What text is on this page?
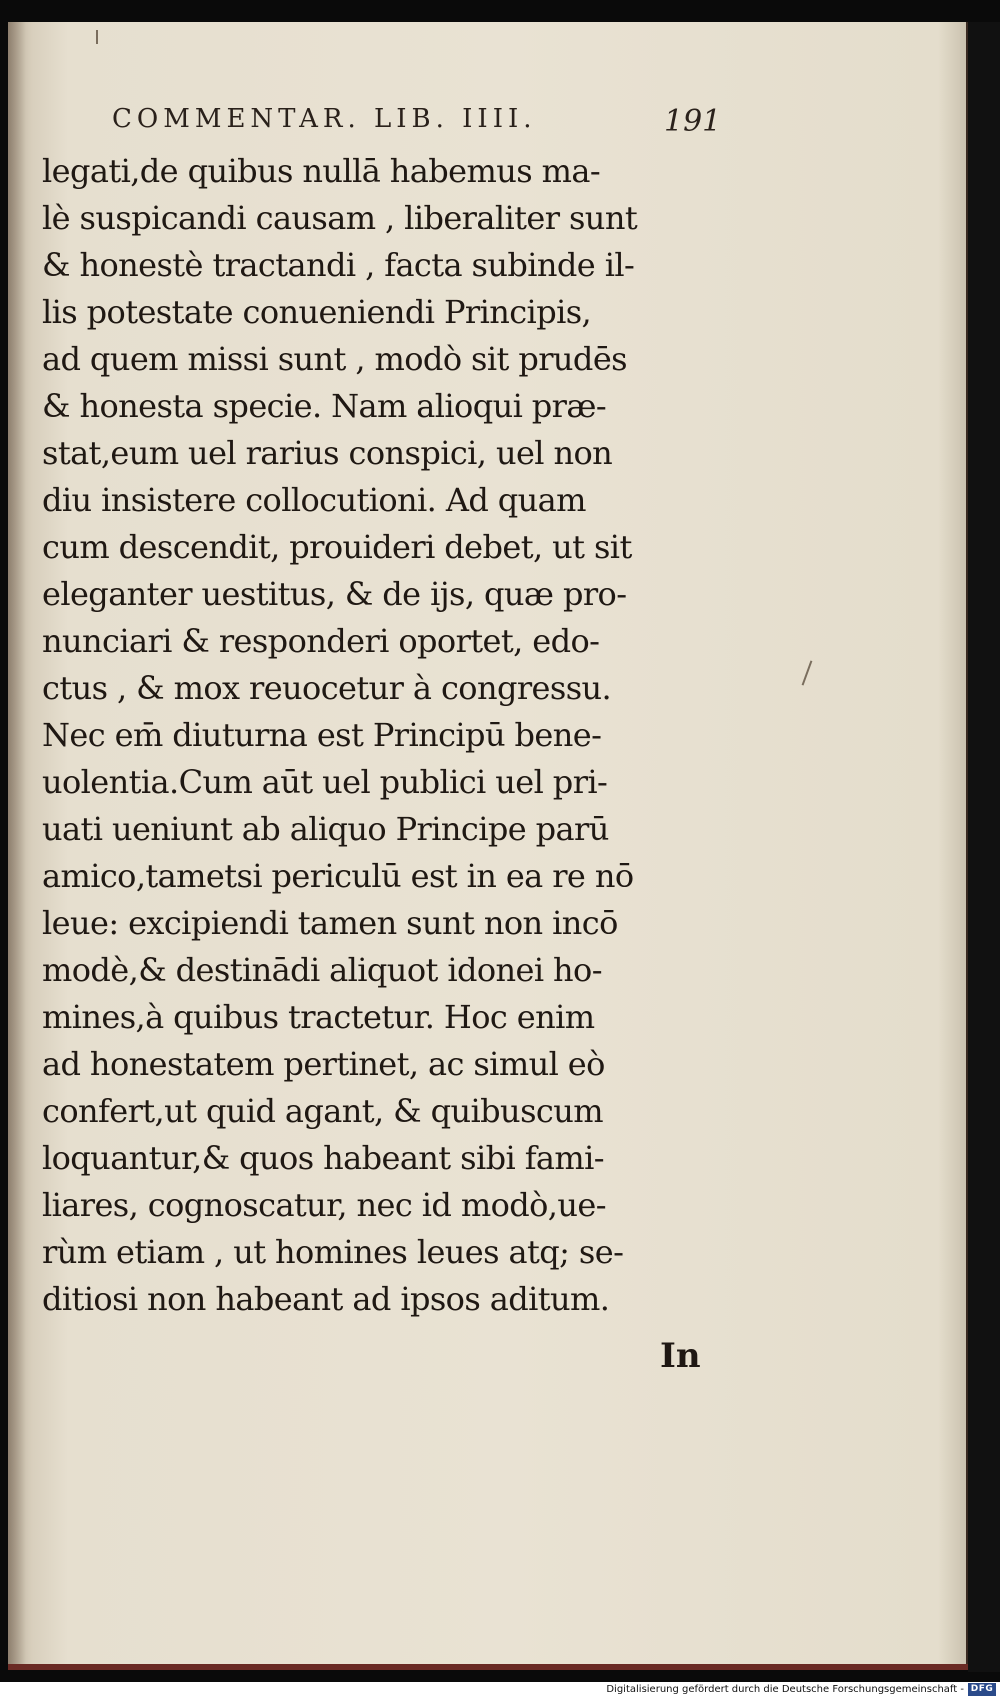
COMMENTAR. LIB. IIII.	191
legati,de quibus nullā habemus ma-
lè suspicandi causam , liberaliter sunt
& honestè tractandi , facta subinde il-
lis potestate conueniendi Principis,
ad quem missi sunt , modò sit prudēs
& honesta specie. Nam alioqui præ-
stat,eum uel rarius conspici, uel non
diu insistere collocutioni. Ad quam
cum descendit, prouideri debet, ut sit
eleganter uestitus, & de ijs, quæ pro-
nunciari & responderi oportet, edo-
ctus , & mox reuocetur à congressu.
Nec em̄ diuturna est Principū bene-
uolentia.Cum aūt uel publici uel pri-
uati ueniunt ab aliquo Principe parū
amico,tametsi periculū est in ea re nō
leue: excipiendi tamen sunt non incō
modè,& destinādi aliquot idonei ho-
mines,à quibus tractetur. Hoc enim
ad honestatem pertinet, ac simul eò
confert,ut quid agant, & quibuscum
loquantur,& quos habeant sibi fami-
liares, cognoscatur, nec id modò,ue-
rùm etiam , ut homines leues atq; se-
ditiosi non habeant ad ipsos aditum.
In
Digitalisierung gefördert durch die Deutsche Forschungsgemeinschaft - DFG
